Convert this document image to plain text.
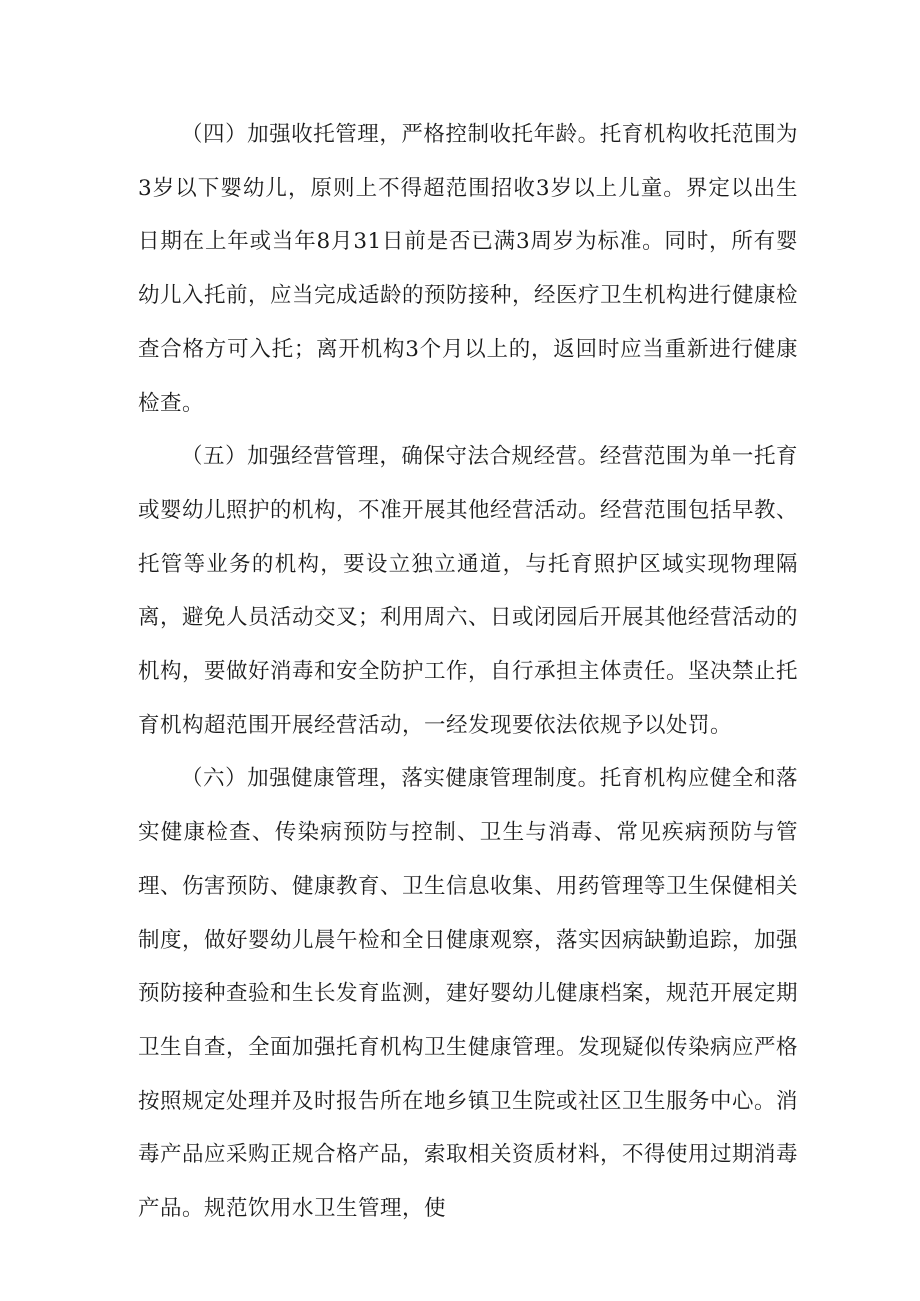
（四）加强收托管理，严格控制收托年龄。托育机构收托范围为3岁以下婴幼儿，原则上不得超范围招收3岁以上儿童。界定以出生日期在上年或当年8月31日前是否已满3周岁为标准。同时，所有婴幼儿入托前，应当完成适龄的预防接种，经医疗卫生机构进行健康检查合格方可入托；离开机构3个月以上的，返回时应当重新进行健康检查。

（五）加强经营管理，确保守法合规经营。经营范围为单一托育或婴幼儿照护的机构，不准开展其他经营活动。经营范围包括早教、托管等业务的机构，要设立独立通道，与托育照护区域实现物理隔离，避免人员活动交叉；利用周六、日或闭园后开展其他经营活动的机构，要做好消毒和安全防护工作，自行承担主体责任。坚决禁止托育机构超范围开展经营活动，一经发现要依法依规予以处罚。

（六）加强健康管理，落实健康管理制度。托育机构应健全和落实健康检查、传染病预防与控制、卫生与消毒、常见疾病预防与管理、伤害预防、健康教育、卫生信息收集、用药管理等卫生保健相关制度，做好婴幼儿晨午检和全日健康观察，落实因病缺勤追踪，加强预防接种查验和生长发育监测，建好婴幼儿健康档案，规范开展定期卫生自查，全面加强托育机构卫生健康管理。发现疑似传染病应严格按照规定处理并及时报告所在地乡镇卫生院或社区卫生服务中心。消毒产品应采购正规合格产品，索取相关资质材料，不得使用过期消毒产品。规范饮用水卫生管理，使
